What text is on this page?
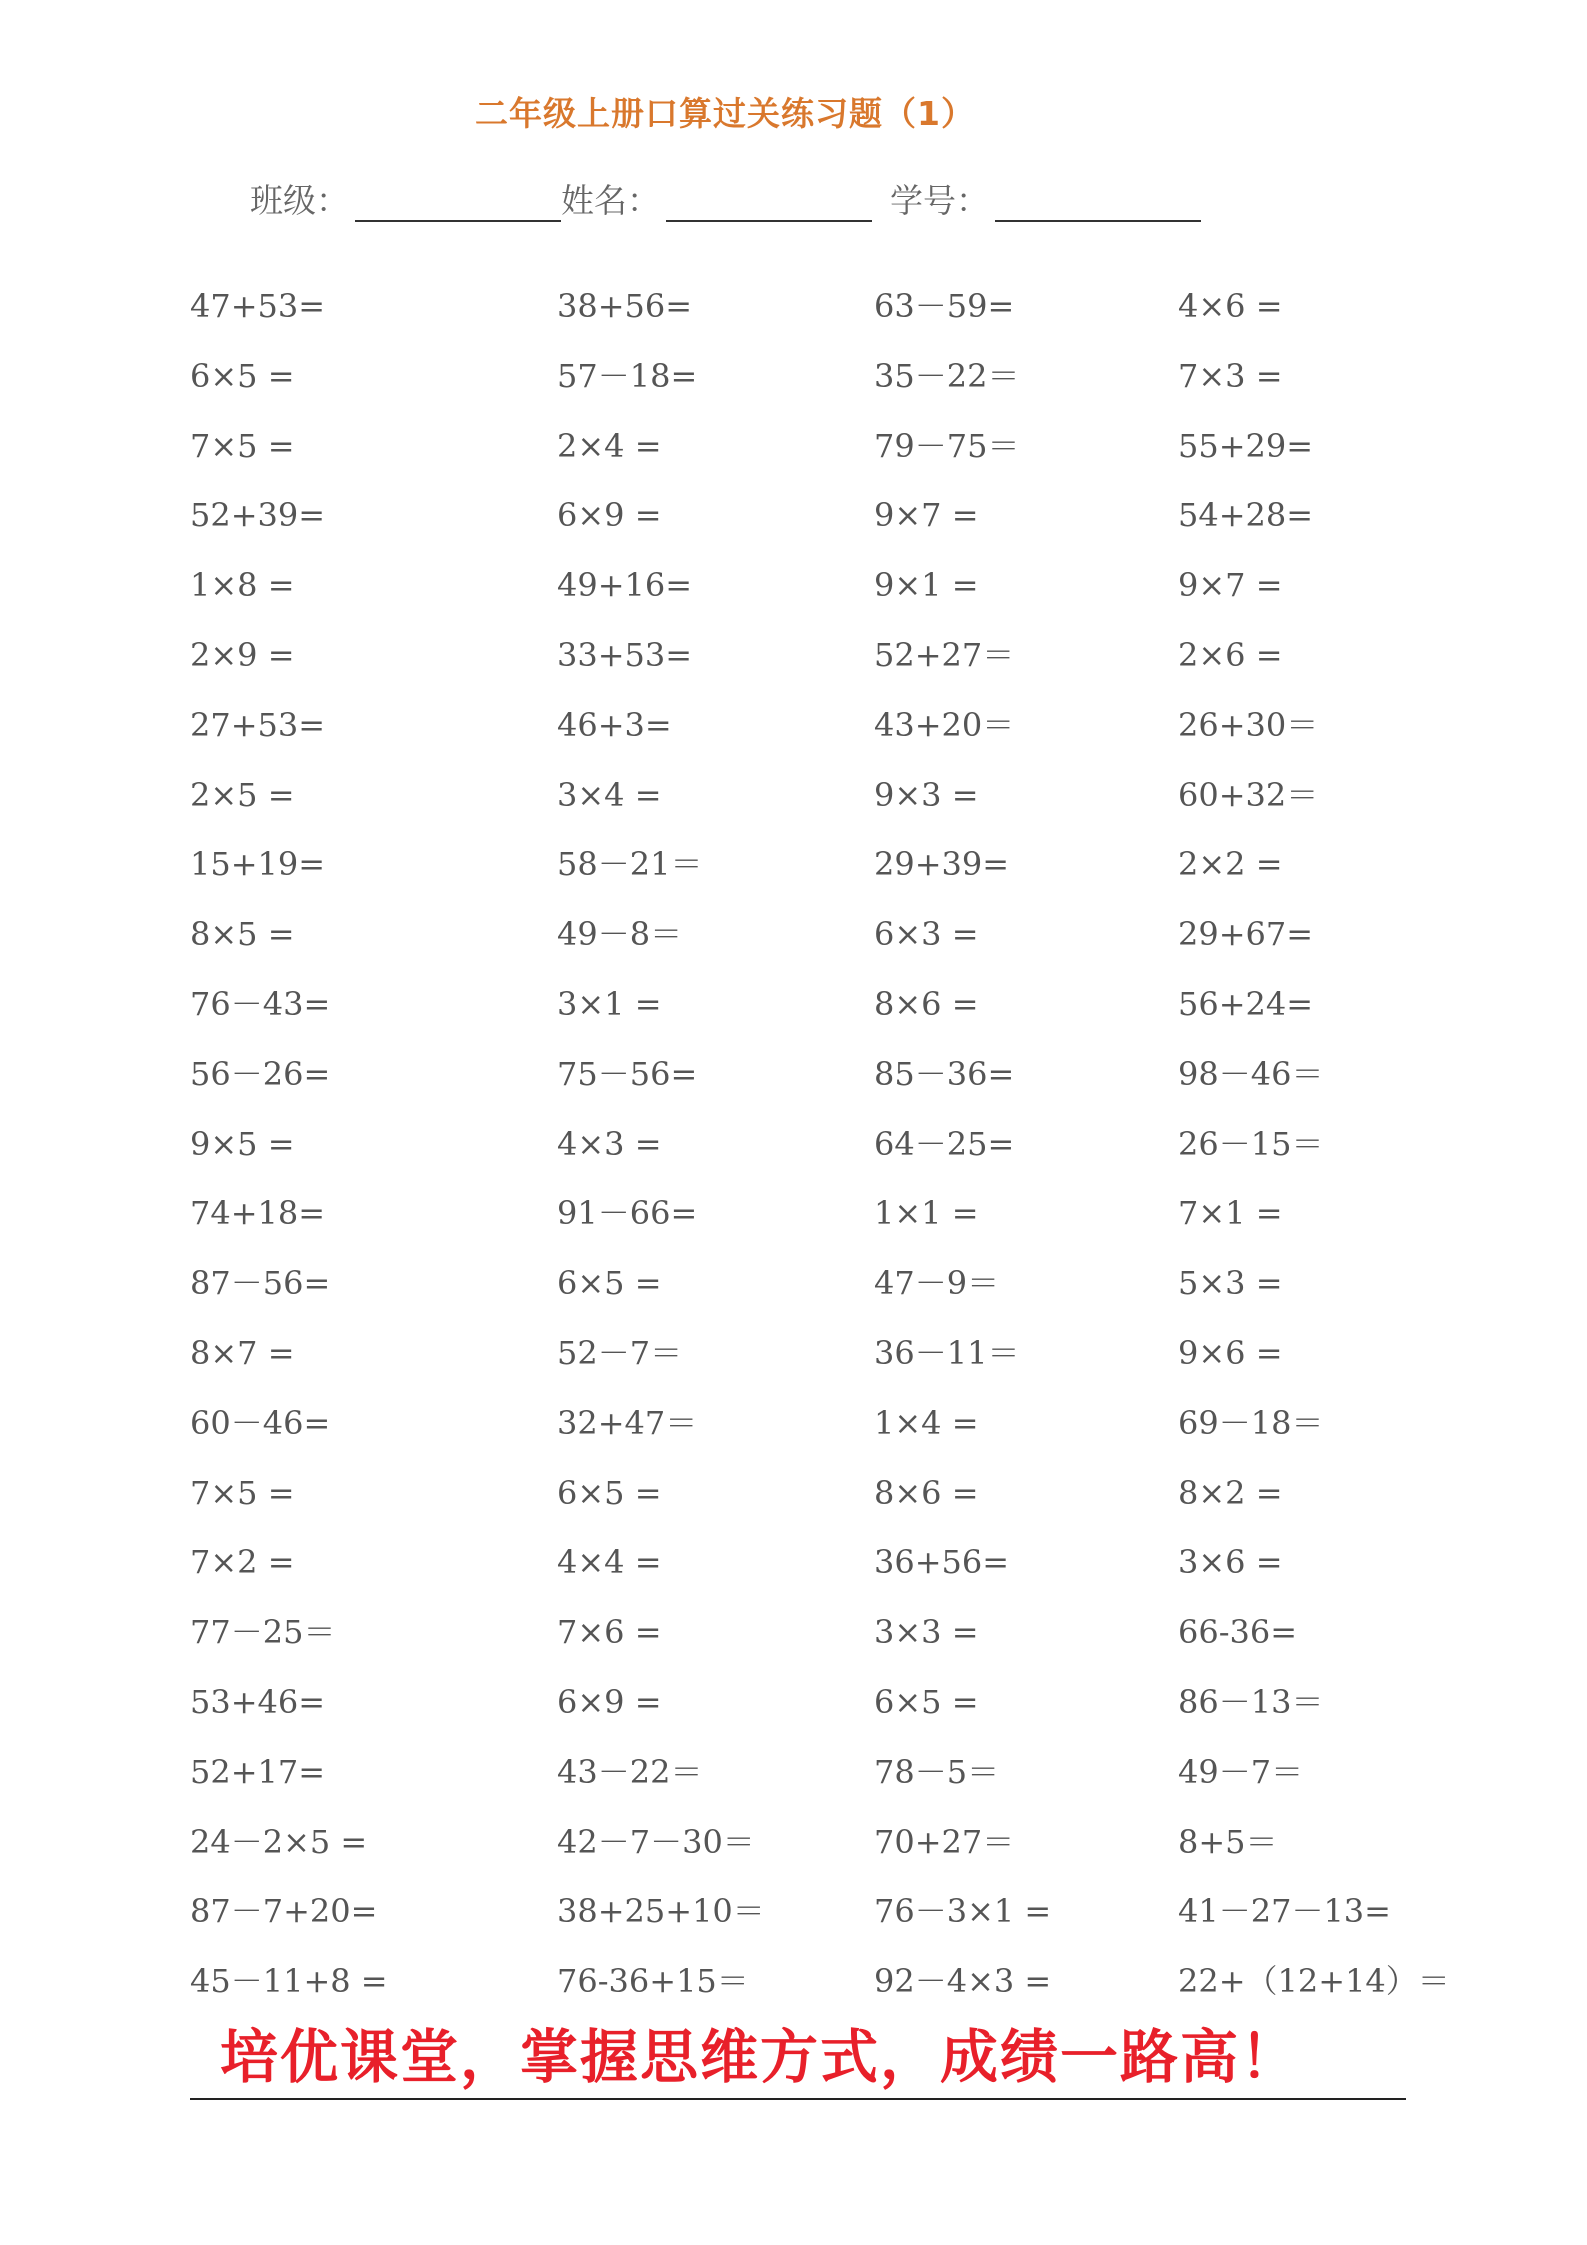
二年级上册口算过关练习题（1）
班级：	姓名：	学号：
47+53=	38+56=	63－59=	4×6 =
6×5 =	57－18=	35－22＝	7×3 =
7×5 =	2×4 =	79－75＝	55+29=
52+39=	6×9 =	9×7 =	54+28=
1×8 =	49+16=	9×1 =	9×7 =
2×9 =	33+53=	52+27＝	2×6 =
27+53=	46+3=	43+20＝	26+30＝
2×5 =	3×4 =	9×3 =	60+32＝
15+19=	58－21＝	29+39=	2×2 =
8×5 =	49－8＝	6×3 =	29+67=
76－43=	3×1 =	8×6 =	56+24=
56－26=	75－56=	85－36=	98－46＝
9×5 =	4×3 =	64－25=	26－15＝
74+18=	91－66=	1×1 =	7×1 =
87－56=	6×5 =	47－9＝	5×3 =
8×7 =	52－7＝	36－11＝	9×6 =
60－46=	32+47＝	1×4 =	69－18＝
7×5 =	6×5 =	8×6 =	8×2 =
7×2 =	4×4 =	36+56=	3×6 =
77－25＝	7×6 =	3×3 =	66-36=
53+46=	6×9 =	6×5 =	86－13＝
52+17=	43－22＝	78－5＝	49－7＝
24－2×5 =	42－7－30＝	70+27＝	8+5＝
87－7+20=	38+25+10＝	76－3×1 =	41－27－13=
45－11+8 =	76-36+15＝	92－4×3 =	22+（12+14）＝
培优课堂，掌握思维方式，成绩一路高！
